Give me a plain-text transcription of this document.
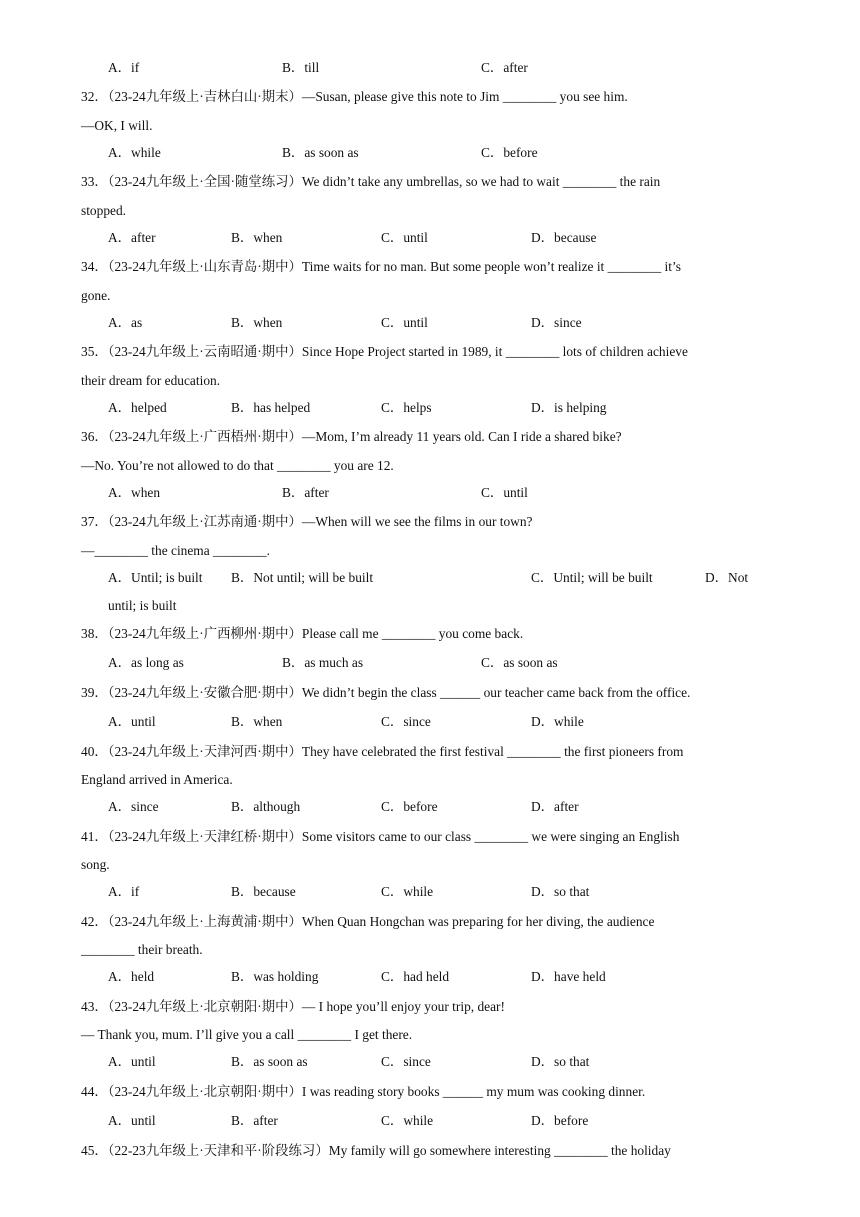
A．if	B．till	C．after
32．（23-24九年级上·吉林白山·期末）—Susan, please give this note to Jim ________ you see him.
—OK, I will.
A．while	B．as soon as	C．before
33．（23-24九年级上·全国·随堂练习）We didn’t take any umbrellas, so we had to wait ________ the rain
stopped.
A．after	B．when	C．until	D．because
34．（23-24九年级上·山东青岛·期中）Time waits for no man. But some people won’t realize it ________ it’s
gone.
A．as	B．when	C．until	D．since
35．（23-24九年级上·云南昭通·期中）Since Hope Project started in 1989, it ________ lots of children achieve
their dream for education.
A．helped	B．has helped	C．helps	D．is helping
36．（23-24九年级上·广西梧州·期中）—Mom, I’m already 11 years old. Can I ride a shared bike?
—No. You’re not allowed to do that ________ you are 12.
A．when	B．after	C．until
37．（23-24九年级上·江苏南通·期中）—When will we see the films in our town?
—________ the cinema ________.
A．Until; is built B．Not until; will be built	C．Until; will be built	D．Not
until; is built
38．（23-24九年级上·广西柳州·期中）Please call me ________ you come back.
A．as long as	B．as much as	C．as soon as
39．（23-24九年级上·安徽合肥·期中）We didn’t begin the class ______ our teacher came back from the office.
A．until	B．when	C．since	D．while
40．（23-24九年级上·天津河西·期中）They have celebrated the first festival ________ the first pioneers from
England arrived in America.
A．since	B．although	C．before	D．after
41．（23-24九年级上·天津红桥·期中）Some visitors came to our class ________ we were singing an English
song.
A．if	B．because	C．while	D．so that
42．（23-24九年级上·上海黄浦·期中）When Quan Hongchan was preparing for her diving, the audience
________ their breath.
A．held	B．was holding	C．had held	D．have held
43．（23-24九年级上·北京朝阳·期中）— I hope you’ll enjoy your trip, dear!
— Thank you, mum. I’ll give you a call ________ I get there.
A．until	B．as soon as	C．since	D．so that
44．（23-24九年级上·北京朝阳·期中）I was reading story books ______ my mum was cooking dinner.
A．until	B．after	C．while	D．before
45．（22-23九年级上·天津和平·阶段练习）My family will go somewhere interesting ________ the holiday
